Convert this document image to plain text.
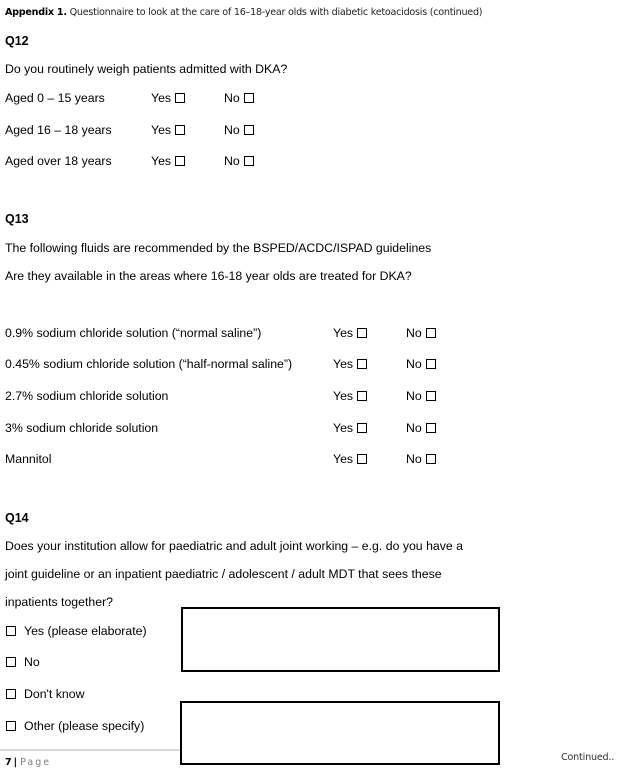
Appendix 1. Questionnaire to look at the care of 16–18-year olds with diabetic ketoacidosis (continued)
Q12
Do you routinely weigh patients admitted with DKA?
Aged 0 – 15 years	Yes	No
Aged 16 – 18 years	Yes	No
Aged over 18 years	Yes	No
Q13
The following fluids are recommended by the BSPED/ACDC/ISPAD guidelines
Are they available in the areas where 16-18 year olds are treated for DKA?
0.9% sodium chloride solution (“normal saline”)	Yes	No
0.45% sodium chloride solution (“half-normal saline”)	Yes	No
2.7% sodium chloride solution	Yes	No
3% sodium chloride solution	Yes	No
Mannitol	Yes	No
Q14
Does your institution allow for paediatric and adult joint working – e.g. do you have a
joint guideline or an inpatient paediatric / adolescent / adult MDT that sees these
inpatients together?
Yes (please elaborate)
No
Don't know
Other (please specify)
7 | Page	Continued..
